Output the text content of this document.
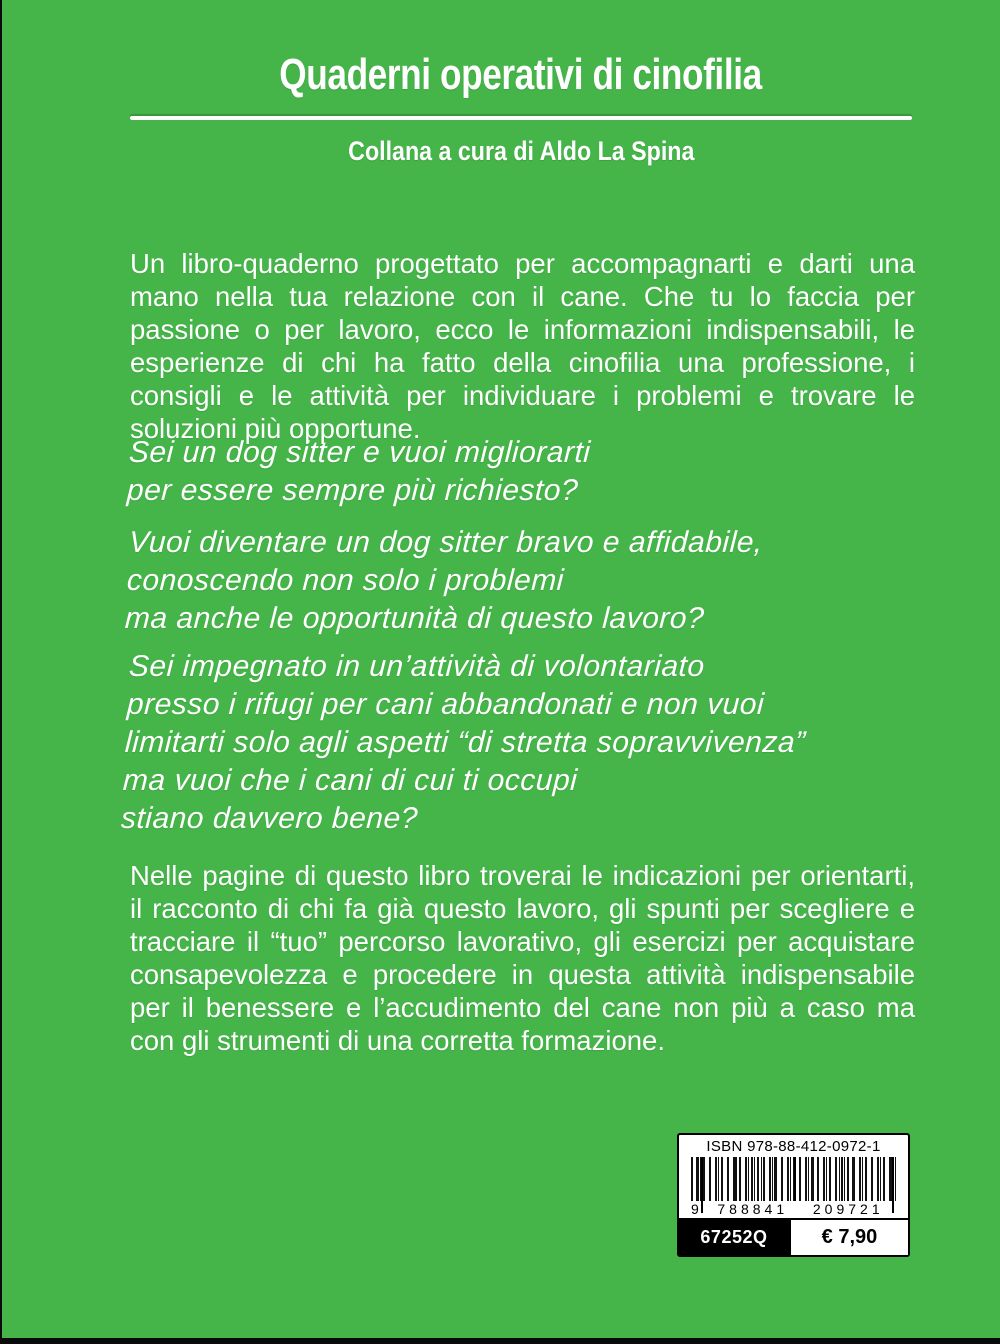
Quaderni operativi di cinofilia
Collana a cura di Aldo La Spina
Un libro-quaderno progettato per accompagnarti e darti una mano nella tua relazione con il cane. Che tu lo faccia per passione o per lavoro, ecco le informazioni indispensabili, le esperienze di chi ha fatto della cinofilia una professione, i consigli e le attività per individuare i problemi e trovare le soluzioni più opportune.
Sei un dog sitter e vuoi migliorarti
per essere sempre più richiesto?
Vuoi diventare un dog sitter bravo e affidabile,
conoscendo non solo i problemi
ma anche le opportunità di questo lavoro?
Sei impegnato in un’attività di volontariato
presso i rifugi per cani abbandonati e non vuoi
limitarti solo agli aspetti “di stretta sopravvivenza”
ma vuoi che i cani di cui ti occupi
stiano davvero bene?
Nelle pagine di questo libro troverai le indicazioni per orientarti, il racconto di chi fa già questo lavoro, gli spunti per scegliere e tracciare il “tuo” percorso lavorativo, gli esercizi per acquistare consapevolezza e procedere in questa attività indispensabile per il benessere e l’accudimento del cane non più a caso ma con gli strumenti di una corretta formazione.
ISBN 978-88-412-0972-1
9	788841	209721
67252Q	€ 7,90
